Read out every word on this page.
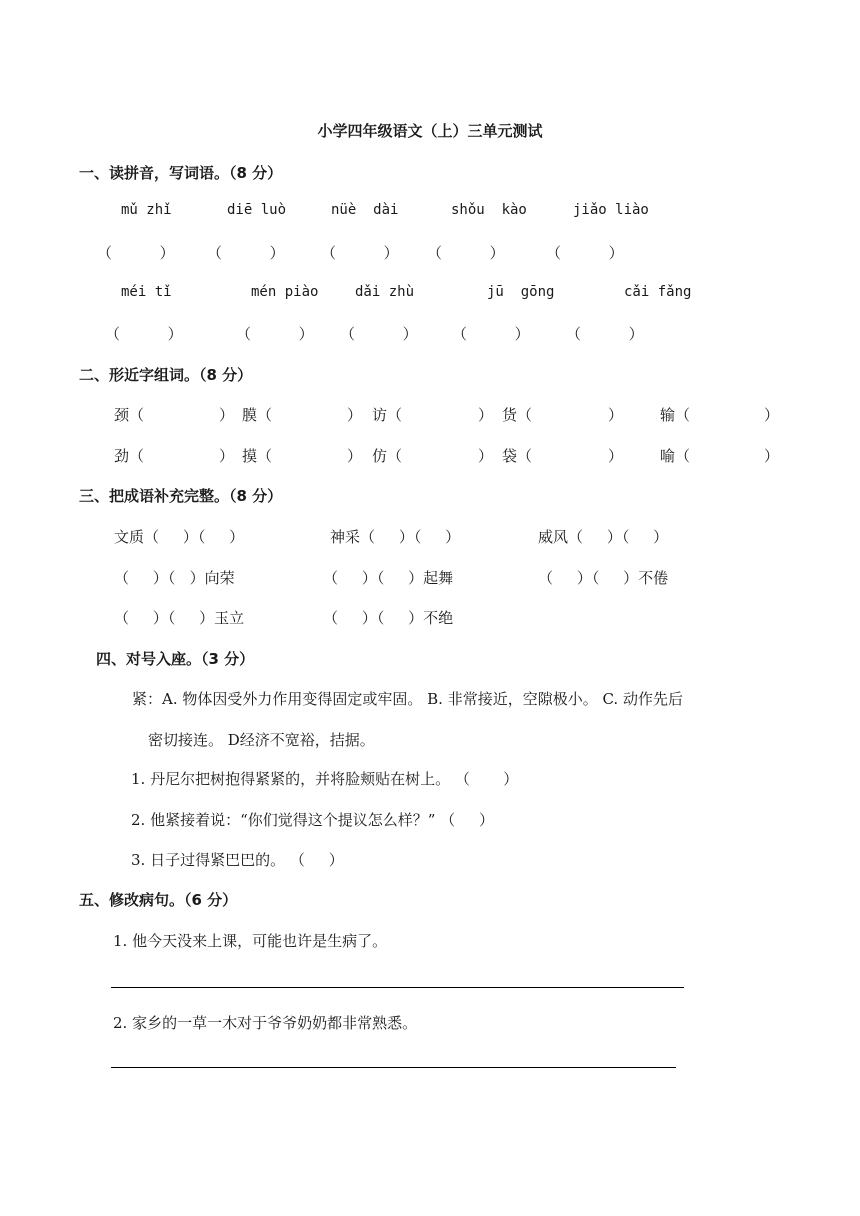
小学四年级语文（上）三单元测试
一、读拼音，写词语。（8 分）
mǔ zhǐ	diē luò	nüè  dài	shǒu  kào	jiǎo liào
（          ） （          ） （          ） （          ）	（          ）
méi tǐ	mén piào	dǎi zhù	jū  gōng	cǎi fǎng
（          ）	（          ） （          ） （          ） （          ）
二、形近字组词。（8 分）
颈（	） 膜（	） 访（	） 货（	） 输（	）
劲（	） 摸（	） 仿（	） 袋（	） 喻（	）
三、把成语补充完整。（8 分）
文质（     ）（     ）	神采（     ）（     ）	威风（     ）（     ）
（     ）（   ）向荣	（     ）（     ）起舞	（     ）（     ）不倦
（     ）（     ）玉立	（     ）（     ）不绝
四、对号入座。（3 分）
紧：A. 物体因受外力作用变得固定或牢固。 B. 非常接近，空隙极小。 C. 动作先后
密切接连。 D经济不宽裕，拮据。
1. 丹尼尔把树抱得紧紧的，并将脸颊贴在树上。 （       ）
2. 他紧接着说：“你们觉得这个提议怎么样？” （     ）
3. 日子过得紧巴巴的。 （     ）
五、修改病句。（6 分）
1. 他今天没来上课，可能也许是生病了。
2. 家乡的一草一木对于爷爷奶奶都非常熟悉。
